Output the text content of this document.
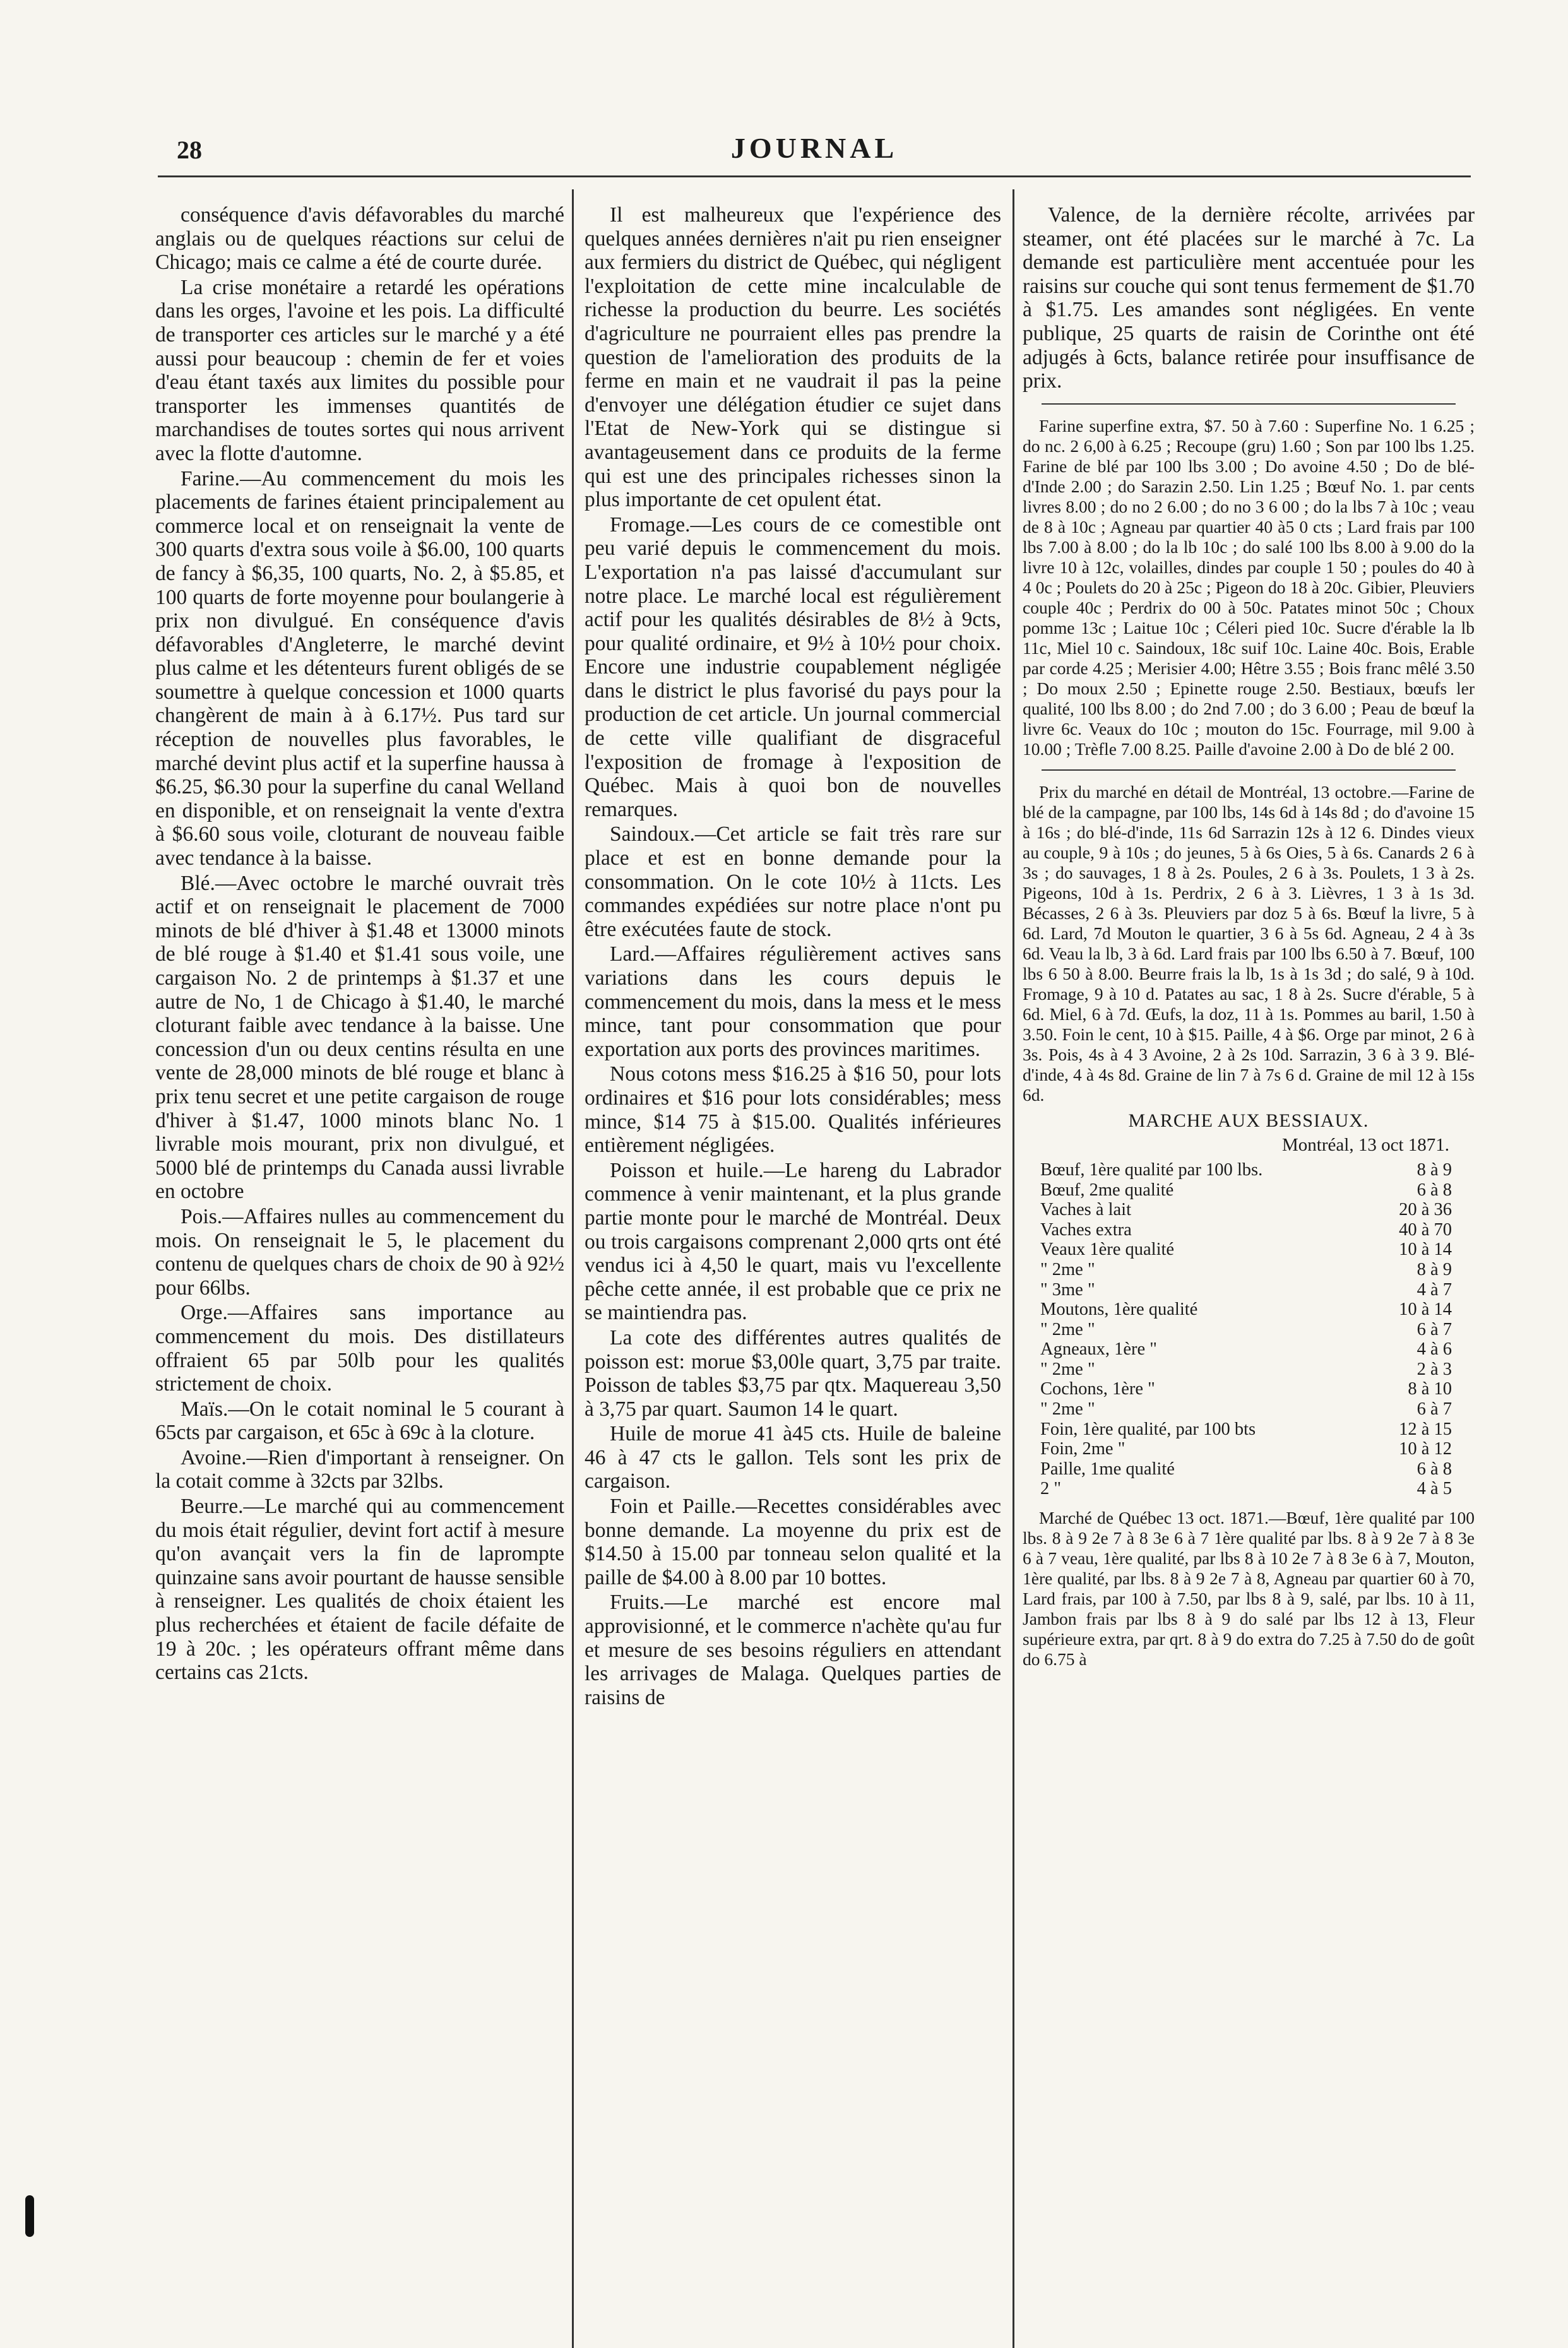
28	JOURNAL

conséquence d'avis défavorables du marché anglais ou de quelques réactions sur celui de Chicago; mais ce calme a été de courte durée.

La crise monétaire a retardé les opérations dans les orges, l'avoine et les pois. La difficulté de transporter ces articles sur le marché y a été aussi pour beaucoup : chemin de fer et voies d'eau étant taxés aux limites du possible pour transporter les immenses quantités de marchandises de toutes sortes qui nous arrivent avec la flotte d'automne.

Farine.—Au commencement du mois les placements de farines étaient principalement au commerce local et on renseignait la vente de 300 quarts d'extra sous voile à $6.00, 100 quarts de fancy à $6,35, 100 quarts, No. 2, à $5.85, et 100 quarts de forte moyenne pour boulangerie à prix non divulgué. En conséquence d'avis défavorables d'Angleterre, le marché devint plus calme et les détenteurs furent obligés de se soumettre à quelque concession et 1000 quarts changèrent de main à à 6.17½. Pus tard sur réception de nouvelles plus favorables, le marché devint plus actif et la superfine haussa à $6.25, $6.30 pour la superfine du canal Welland en disponible, et on renseignait la vente d'extra à $6.60 sous voile, cloturant de nouveau faible avec tendance à la baisse.

Blé.—Avec octobre le marché ouvrait très actif et on renseignait le placement de 7000 minots de blé d'hiver à $1.48 et 13000 minots de blé rouge à $1.40 et $1.41 sous voile, une cargaison No. 2 de printemps à $1.37 et une autre de No, 1 de Chicago à $1.40, le marché cloturant faible avec tendance à la baisse. Une concession d'un ou deux centins résulta en une vente de 28,000 minots de blé rouge et blanc à prix tenu secret et une petite cargaison de rouge d'hiver à $1.47, 1000 minots blanc No. 1 livrable mois mourant, prix non divulgué, et 5000 blé de printemps du Canada aussi livrable en octobre

Pois.—Affaires nulles au commencement du mois. On renseignait le 5, le placement du contenu de quelques chars de choix de 90 à 92½ pour 66lbs.

Orge.—Affaires sans importance au commencement du mois. Des distillateurs offraient 65 par 50lb pour les qualités strictement de choix.

Maïs.—On le cotait nominal le 5 courant à 65cts par cargaison, et 65c à 69c à la cloture.

Avoine.—Rien d'important à renseigner. On la cotait comme à 32cts par 32lbs.

Beurre.—Le marché qui au commencement du mois était régulier, devint fort actif à mesure qu'on avançait vers la fin de laprompte quinzaine sans avoir pourtant de hausse sensible à renseigner. Les qualités de choix étaient les plus recherchées et étaient de facile défaite de 19 à 20c. ; les opérateurs offrant même dans certains cas 21cts.

Il est malheureux que l'expérience des quelques années dernières n'ait pu rien enseigner aux fermiers du district de Québec, qui négligent l'exploitation de cette mine incalculable de richesse la production du beurre. Les sociétés d'agriculture ne pourraient elles pas prendre la question de l'amelioration des produits de la ferme en main et ne vaudrait il pas la peine d'envoyer une délégation étudier ce sujet dans l'Etat de New-York qui se distingue si avantageusement dans ce produits de la ferme qui est une des principales richesses sinon la plus importante de cet opulent état.

Fromage.—Les cours de ce comestible ont peu varié depuis le commencement du mois. L'exportation n'a pas laissé d'accumulant sur notre place. Le marché local est régulièrement actif pour les qualités désirables de 8½ à 9cts, pour qualité ordinaire, et 9½ à 10½ pour choix. Encore une industrie coupablement négligée dans le district le plus favorisé du pays pour la production de cet article. Un journal commercial de cette ville qualifiant de disgraceful l'exposition de fromage à l'exposition de Québec. Mais à quoi bon de nouvelles remarques.

Saindoux.—Cet article se fait très rare sur place et est en bonne demande pour la consommation. On le cote 10½ à 11cts. Les commandes expédiées sur notre place n'ont pu être exécutées faute de stock.

Lard.—Affaires régulièrement actives sans variations dans les cours depuis le commencement du mois, dans la mess et le mess mince, tant pour consommation que pour exportation aux ports des provinces maritimes.

Nous cotons mess $16.25 à $16 50, pour lots ordinaires et $16 pour lots considérables; mess mince, $14 75 à $15.00. Qualités inférieures entièrement négligées.

Poisson et huile.—Le hareng du Labrador commence à venir maintenant, et la plus grande partie monte pour le marché de Montréal. Deux ou trois cargaisons comprenant 2,000 qrts ont été vendus ici à 4,50 le quart, mais vu l'excellente pêche cette année, il est probable que ce prix ne se maintiendra pas.

La cote des différentes autres qualités de poisson est: morue $3,00le quart, 3,75 par traite. Poisson de tables $3,75 par qtx. Maquereau 3,50 à 3,75 par quart. Saumon 14 le quart.

Huile de morue 41 à45 cts. Huile de baleine 46 à 47 cts le gallon. Tels sont les prix de cargaison.

Foin et Paille.—Recettes considérables avec bonne demande. La moyenne du prix est de $14.50 à 15.00 par tonneau selon qualité et la paille de $4.00 à 8.00 par 10 bottes.

Fruits.—Le marché est encore mal approvisionné, et le commerce n'achète qu'au fur et mesure de ses besoins réguliers en attendant les arrivages de Malaga. Quelques parties de raisins de

Valence, de la dernière récolte, arrivées par steamer, ont été placées sur le marché à 7c. La demande est particulière ment accentuée pour les raisins sur couche qui sont tenus fermement de $1.70 à $1.75. Les amandes sont négligées. En vente publique, 25 quarts de raisin de Corinthe ont été adjugés à 6cts, balance retirée pour insuffisance de prix.

Farine superfine extra, $7. 50 à 7.60 : Superfine No. 1 6.25 ; do nc. 2 6,00 à 6.25 ; Recoupe (gru) 1.60 ; Son par 100 lbs 1.25. Farine de blé par 100 lbs 3.00 ; Do avoine 4.50 ; Do de blé-d'Inde 2.00 ; do Sarazin 2.50. Lin 1.25 ; Bœuf No. 1. par cents livres 8.00 ; do no 2 6.00 ; do no 3 6 00 ; do la lbs 7 à 10c ; veau de 8 à 10c ; Agneau par quartier 40 à5 0 cts ; Lard frais par 100 lbs 7.00 à 8.00 ; do la lb 10c ; do salé 100 lbs 8.00 à 9.00 do la livre 10 à 12c, volailles, dindes par couple 1 50 ; poules do 40 à 4 0c ; Poulets do 20 à 25c ; Pigeon do 18 à 20c. Gibier, Pleuviers couple 40c ; Perdrix do 00 à 50c. Patates minot 50c ; Choux pomme 13c ; Laitue 10c ; Céleri pied 10c. Sucre d'érable la lb 11c, Miel 10 c. Saindoux, 18c suif 10c. Laine 40c. Bois, Erable par corde 4.25 ; Merisier 4.00; Hêtre 3.55 ; Bois franc mêlé 3.50 ; Do moux 2.50 ; Epinette rouge 2.50. Bestiaux, bœufs ler qualité, 100 lbs 8.00 ; do 2nd 7.00 ; do 3 6.00 ; Peau de bœuf la livre 6c. Veaux do 10c ; mouton do 15c. Fourrage, mil 9.00 à 10.00 ; Trèfle 7.00 8.25. Paille d'avoine 2.00 à Do de blé 2 00.

Prix du marché en détail de Montréal, 13 octobre.—Farine de blé de la campagne, par 100 lbs, 14s 6d à 14s 8d ; do d'avoine 15 à 16s ; do blé-d'inde, 11s 6d Sarrazin 12s à 12 6. Dindes vieux au couple, 9 à 10s ; do jeunes, 5 à 6s Oies, 5 à 6s. Canards 2 6 à 3s ; do sauvages, 1 8 à 2s. Poules, 2 6 à 3s. Poulets, 1 3 à 2s. Pigeons, 10d à 1s. Perdrix, 2 6 à 3. Lièvres, 1 3 à 1s 3d. Bécasses, 2 6 à 3s. Pleuviers par doz 5 à 6s. Bœuf la livre, 5 à 6d. Lard, 7d Mouton le quartier, 3 6 à 5s 6d. Agneau, 2 4 à 3s 6d. Veau la lb, 3 à 6d. Lard frais par 100 lbs 6.50 à 7. Bœuf, 100 lbs 6 50 à 8.00. Beurre frais la lb, 1s à 1s 3d ; do salé, 9 à 10d. Fromage, 9 à 10 d. Patates au sac, 1 8 à 2s. Sucre d'érable, 5 à 6d. Miel, 6 à 7d. Œufs, la doz, 11 à 1s. Pommes au baril, 1.50 à 3.50. Foin le cent, 10 à $15. Paille, 4 à $6. Orge par minot, 2 6 à 3s. Pois, 4s à 4 3 Avoine, 2 à 2s 10d. Sarrazin, 3 6 à 3 9. Blé-d'inde, 4 à 4s 8d. Graine de lin 7 à 7s 6 d. Graine de mil 12 à 15s 6d.

MARCHE AUX BESSIAUX.
Montréal, 13 oct 1871.
Bœuf, 1ère qualité par 100 lbs.	8 à 9
Bœuf, 2me qualité	6 à 8
Vaches à lait	20 à 36
Vaches extra	40 à 70
Veaux 1ère qualité	10 à 14
" 2me "	8 à 9
" 3me "	4 à 7
Moutons, 1ère qualité	10 à 14
" 2me "	6 à 7
Agneaux, 1ère "	4 à 6
" 2me "	2 à 3
Cochons, 1ère "	8 à 10
" 2me "	6 à 7
Foin, 1ère qualité, par 100 bts	12 à 15
Foin, 2me "	10 à 12
Paille, 1me qualité	6 à 8
2 "	4 à 5

Marché de Québec 13 oct. 1871.—Bœuf, 1ère qualité par 100 lbs. 8 à 9 2e 7 à 8 3e 6 à 7 1ère qualité par lbs. 8 à 9 2e 7 à 8 3e 6 à 7 veau, 1ère qualité, par lbs 8 à 10 2e 7 à 8 3e 6 à 7, Mouton, 1ère qualité, par lbs. 8 à 9 2e 7 à 8, Agneau par quartier 60 à 70, Lard frais, par 100 à 7.50, par lbs 8 à 9, salé, par lbs. 10 à 11, Jambon frais par lbs 8 à 9 do salé par lbs 12 à 13, Fleur supérieure extra, par qrt. 8 à 9 do extra do 7.25 à 7.50 do de goût do 6.75 à
